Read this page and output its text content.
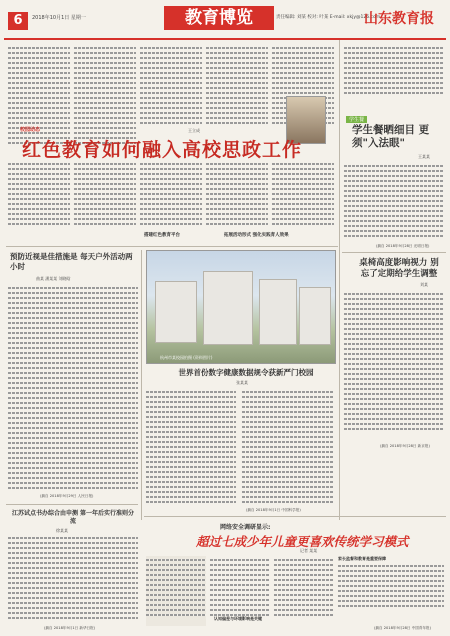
6	2018年10月1日 星期一	教育博览	责任编辑: 刘某 校对: 叶某 E-mail: xkjy@126.com
山东教育报
学生餐
学生餐晒细目 更须"入法眼"
王某某
(摘自 2018年9月28日 光明日报)
桌椅高度影响视力 别忘了定期给学生调整
刘某
(摘自 2018年9月28日 新京报)
校园动态
红色教育如何融入高校思政工作
王立成
搭建红色教育平台	拓展活动形式 强化实践育人效果
预防近视是佳措施是 每天户外活动两小时
曲某 潘某某 刘晓晗
(摘自 2018年9月29日 人民日报)
杭州市某校园拍摄 (资料图片)
世界首份数字健康数据规令获新严门校园
张某某
(摘自 2018年9月1日 中国科学报)
江苏试点书办综合由申测 第一年后实行准则分流
徐某某
(摘自 2018年9月1日 新华日报)
网络安全调研显示:
超过七成少年儿童更喜欢传统学习模式
记者 某某
认知偏差与环境影响是关键
家长监督和教育是重要保障
(摘自 2018年9月28日 中国青年报)
